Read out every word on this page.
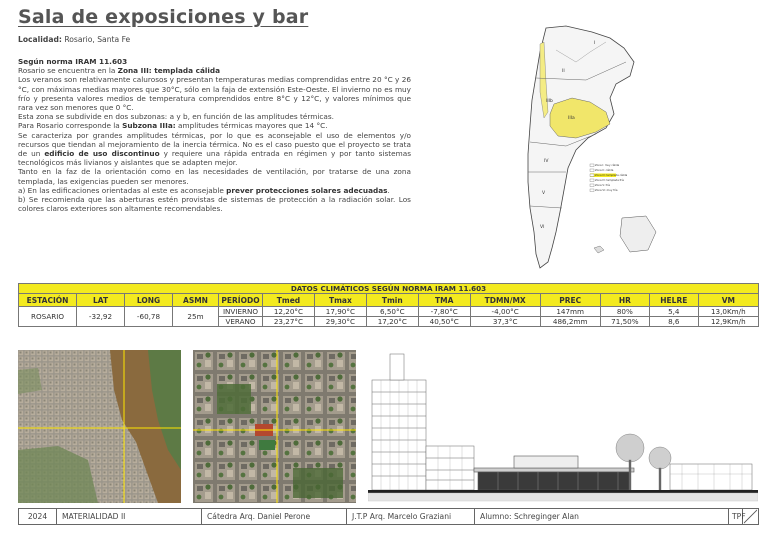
Sala de exposiciones y bar
Localidad: Rosario, Santa Fe

Según norma IRAM 11.603

Rosario se encuentra en la Zona III: templada cálida

Los veranos son relativamente calurosos y presentan temperaturas medias comprendidas entre 20 °C y 26 °C, con máximas medias mayores que 30°C, sólo en la faja de extensión Este-Oeste. El invierno no es muy frío y presenta valores medios de temperatura comprendidos entre 8°C y 12°C, y valores mínimos que rara vez son menores que 0 °C.

Esta zona se subdivide en dos subzonas: a y b, en función de las amplitudes térmicas.

Para Rosario corresponde la Subzona IIIa: amplitudes térmicas mayores que 14 °C.

Se caracteriza por grandes amplitudes térmicas, por lo que es aconsejable el uso de elementos y/o recursos que tiendan al mejoramiento de la inercia térmica. No es el caso puesto que el proyecto se trata de un edificio de uso discontinuo y requiere una rápida entrada en régimen y por tanto sistemas tecnológicos más livianos y aislantes que se adapten mejor.

Tanto en la faz de la orientación como en las necesidades de ventilación, por tratarse de una zona templada, las exigencias pueden ser menores.

a) En las edificaciones orientadas al este es aconsejable prever protecciones solares adecuadas.

b) Se recomienda que las aberturas estén provistas de sistemas de protección a la radiación solar. Los colores claros exteriores son altamente recomendables.

I
II
IIIa
IIIb
IV
V
VI
Zona I: muy cálida
Zona II: cálida
Zona III: templada cálida
Zona IV: templada fría
Zona V: fría
Zona VI: muy fría
DATOS CLIMÁTICOS SEGÚN NORMA IRAM 11.603													
ESTACIÓN	LAT	LONG	ASMN	PERÍODO	Tmed	Tmax	Tmin	TMA	TDMN/MX	PREC	HR	HELRE	VM
ROSARIO	-32,92	-60,78	25m	INVIERNO	12,20°C	17,90°C	6,50°C	-7,80°C	-4,00°C	147mm	80%	5,4	13,0Km/h
				VERANO	23,27°C	29,30°C	17,20°C	40,50°C	37,3°C	486,2mm	71,50%	8,6	12,9Km/h
2024	MATERIALIDAD II	Cátedra Arq. Daniel Perone	J.T.P Arq. Marcelo Graziani	Alumno: Schreginger Alan	TPF
